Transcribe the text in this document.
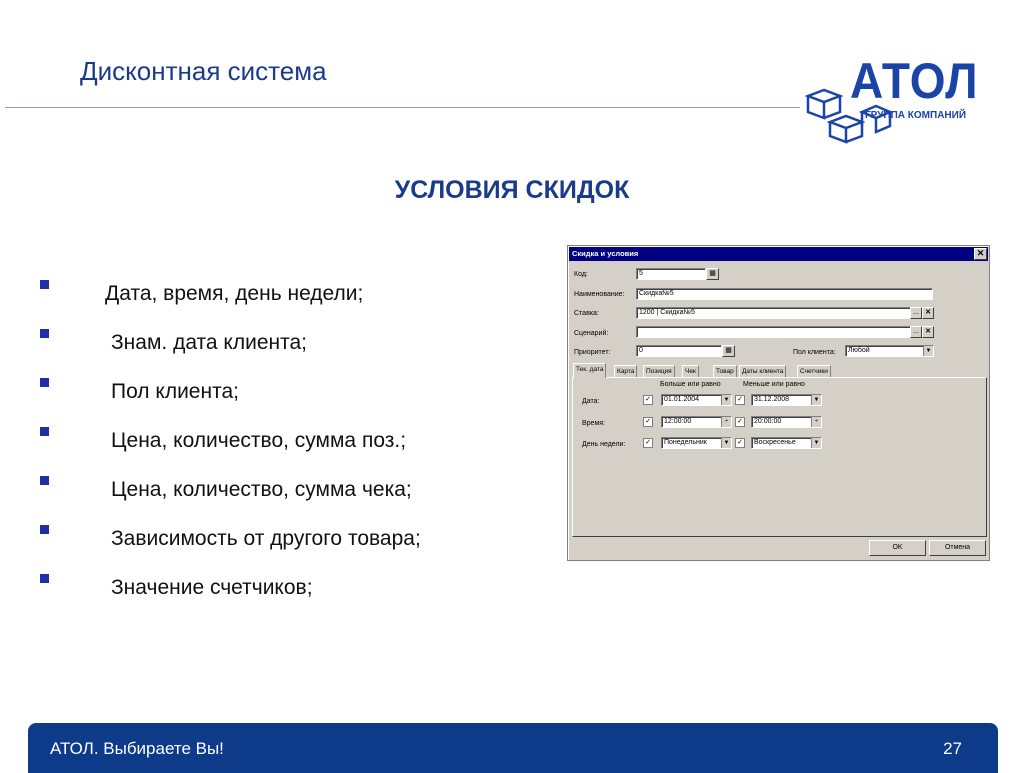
Дисконтная система	АТОЛ
ГРУППА КОМПАНИЙ
УСЛОВИЯ СКИДОК
Дата, время, день недели;
Знам. дата клиента;
Пол клиента;
Цена, количество, сумма поз.;
Цена, количество, сумма чека;
Зависимость от другого товара;
Значение счетчиков;
Скидка и условия	✕
Код:	5	▦
Наименование:	Скидка№5
Ставка:	1200 | Скидка№5	... ✕
Сценарий:	... ✕
Приоритет:	0	▦	Пол клиента:	Любой	▼
Тек. дата	Карта	Позиция	Чек	Товар	Даты клиента	Счетчики
Больше или равно	Меньше или равно
Дата:	✓	01.01.2004	▼ ✓	31.12.2008	▼
Время:	✓	12:00:00	÷	✓	20:00:00	÷
День недели:	✓	Понедельник	▼ ✓	Воскресенье	▼
OK	Отмена
АТОЛ. Выбираете Вы!	27
